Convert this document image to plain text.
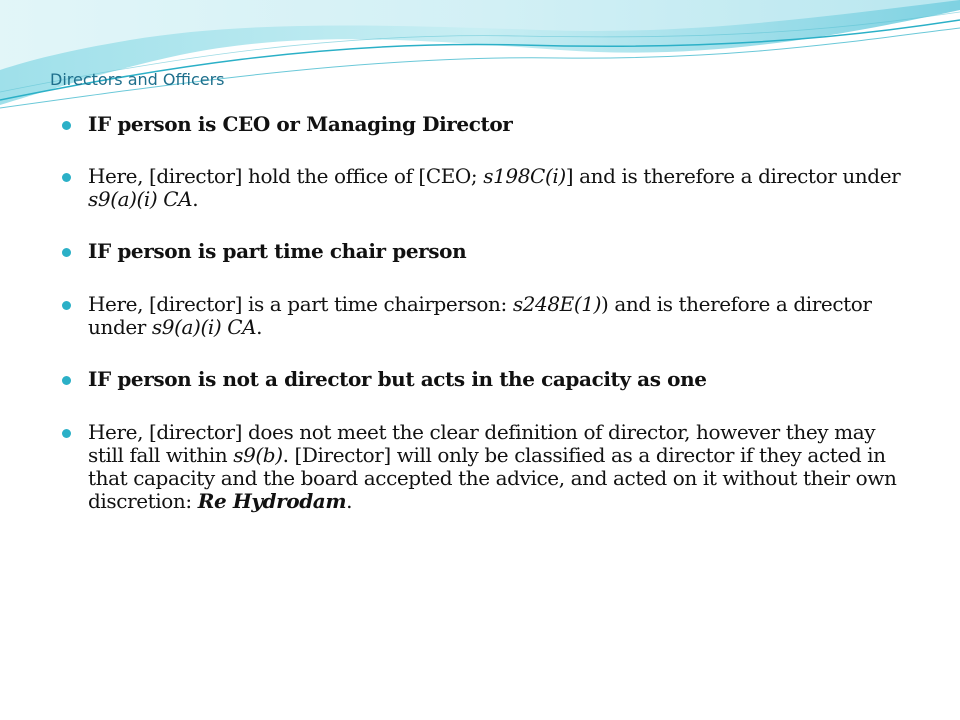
Directors and Officers
IF person is CEO or Managing Director
Here, [director] hold the office of [CEO; s198C(i)] and is therefore a director under s9(a)(i) CA.
IF person is part time chair person
Here, [director] is a part time chairperson: s248E(1)) and is therefore a director under s9(a)(i) CA.
IF person is not a director but acts in the capacity as one
Here, [director] does not meet the clear definition of director, however they may still fall within s9(b). [Director] will only be classified as a director if they acted in that capacity and the board accepted the advice, and acted on it without their own discretion: Re Hydrodam.
